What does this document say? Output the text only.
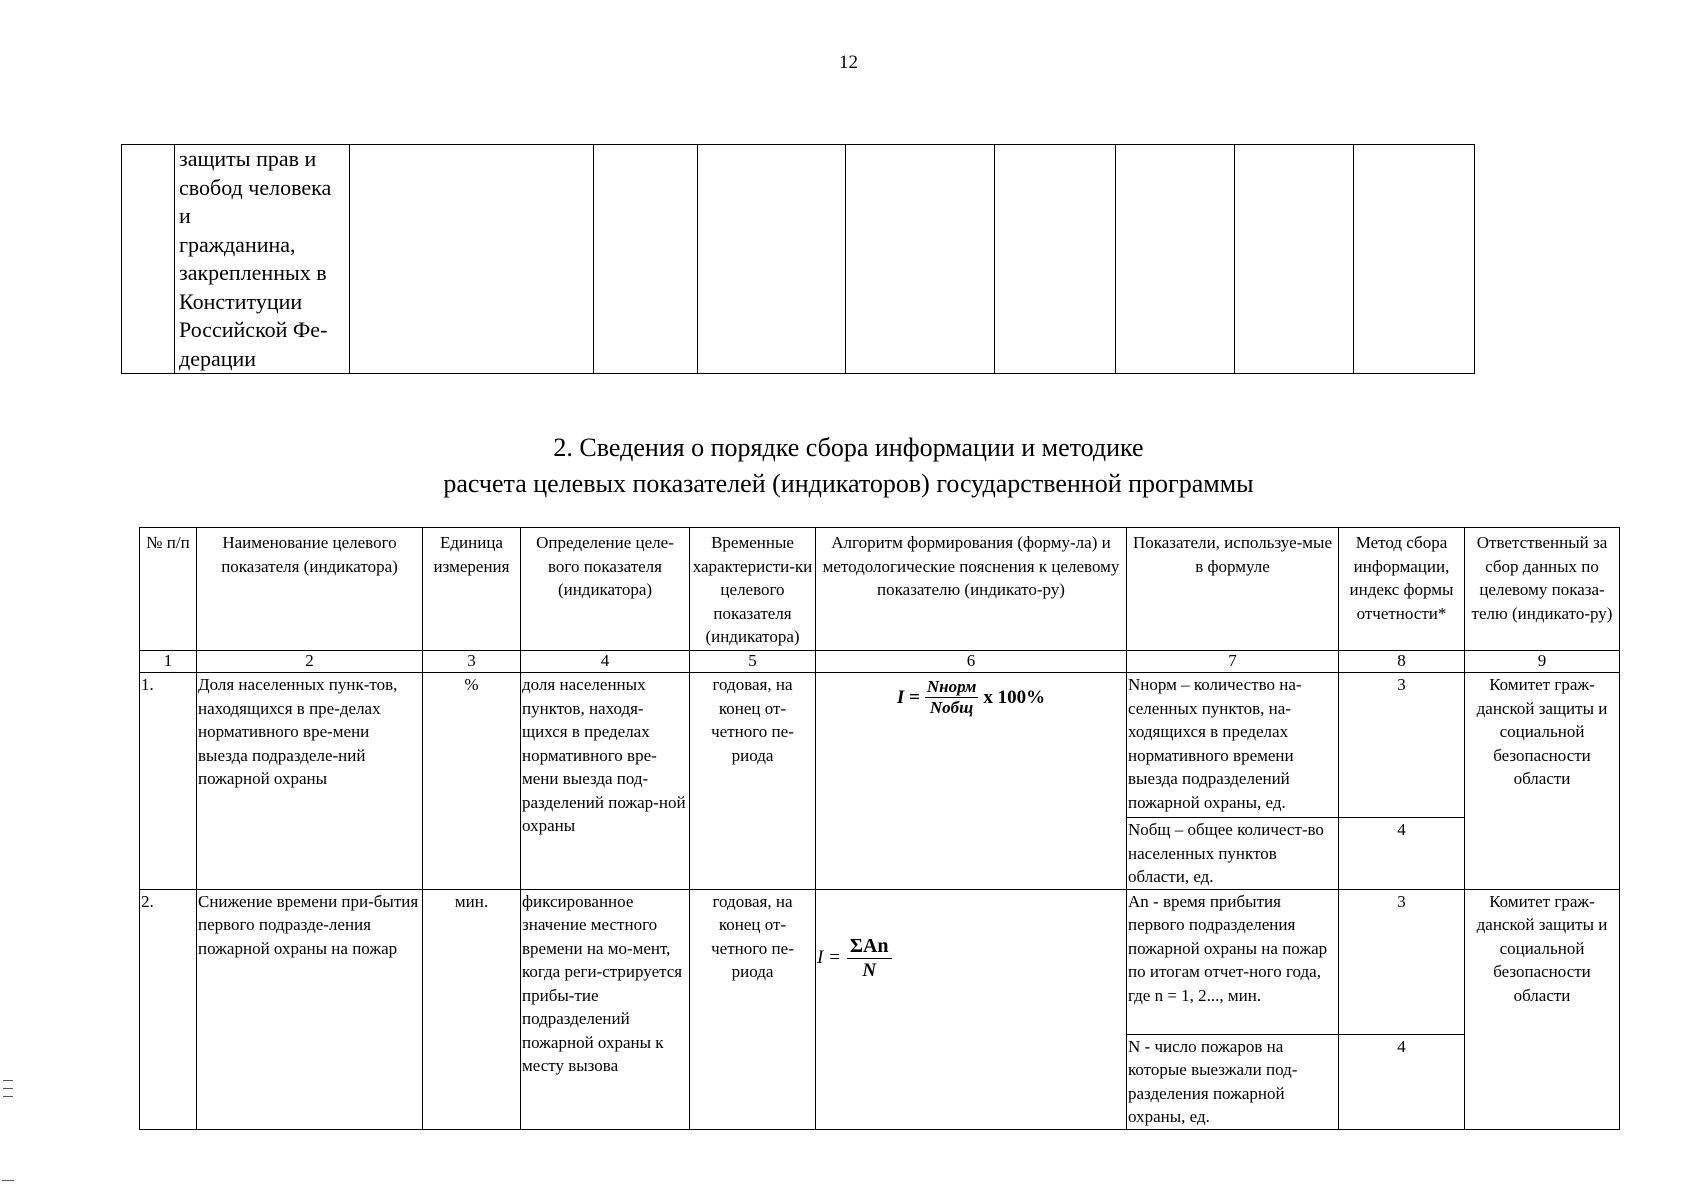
12

защиты прав и
свобод человека
и гражданина,
закрепленных в
Конституции
Российской Фе-
дерации

2. Сведения о порядке сбора информации и методике
расчета целевых показателей (индикаторов) государственной программы
№ п/п	Наименование целевого показателя (индикатора)	Единица измерения	Определение целе-вого показателя (индикатора)	Временные характеристи-ки целевого показателя (индикатора)	Алгоритм формирования (форму-ла) и методологические пояснения к целевому показателю (индикато-ру)	Показатели, используе-мые в формуле	Метод сбора информации, индекс формы отчетности*	Ответственный за сбор данных по целевому показа-телю (индикато-ру)
1	2	3	4	5	6	7	8	9
1.	Доля населенных пунк-тов, находящихся в пре-делах нормативного вре-мени выезда подразделе-ний пожарной охраны	%	доля населенных пунктов, находя-щихся в пределах нормативного вре-мени выезда под-разделений пожар-ной охраны	годовая, на конец от-четного пе-риода	I =
Nнорм
Nобщ x 100%	Nнорм – количество на-селенных пунктов, на-ходящихся в пределах нормативного времени выезда подразделений пожарной охраны, ед.	3	Комитет граж-данской защиты и социальной безопасности области
						Nобщ – общее количест-во населенных пунктов области, ед.	4	
2.	Снижение времени при-бытия первого подразде-ления пожарной охраны на пожар	мин.	фиксированное значение местного времени на мо-мент, когда реги-стрируется прибы-тие подразделений пожарной охраны к месту вызова	годовая, на конец от-четного пе-риода	I =
ΣAn
N	An - время прибытия первого подразделения пожарной охраны на пожар по итогам отчет-ного года, где n = 1, 2..., мин.	3	Комитет граж-данской защиты и социальной безопасности области
						N - число пожаров на которые выезжали под-разделения пожарной охраны, ед.	4	
